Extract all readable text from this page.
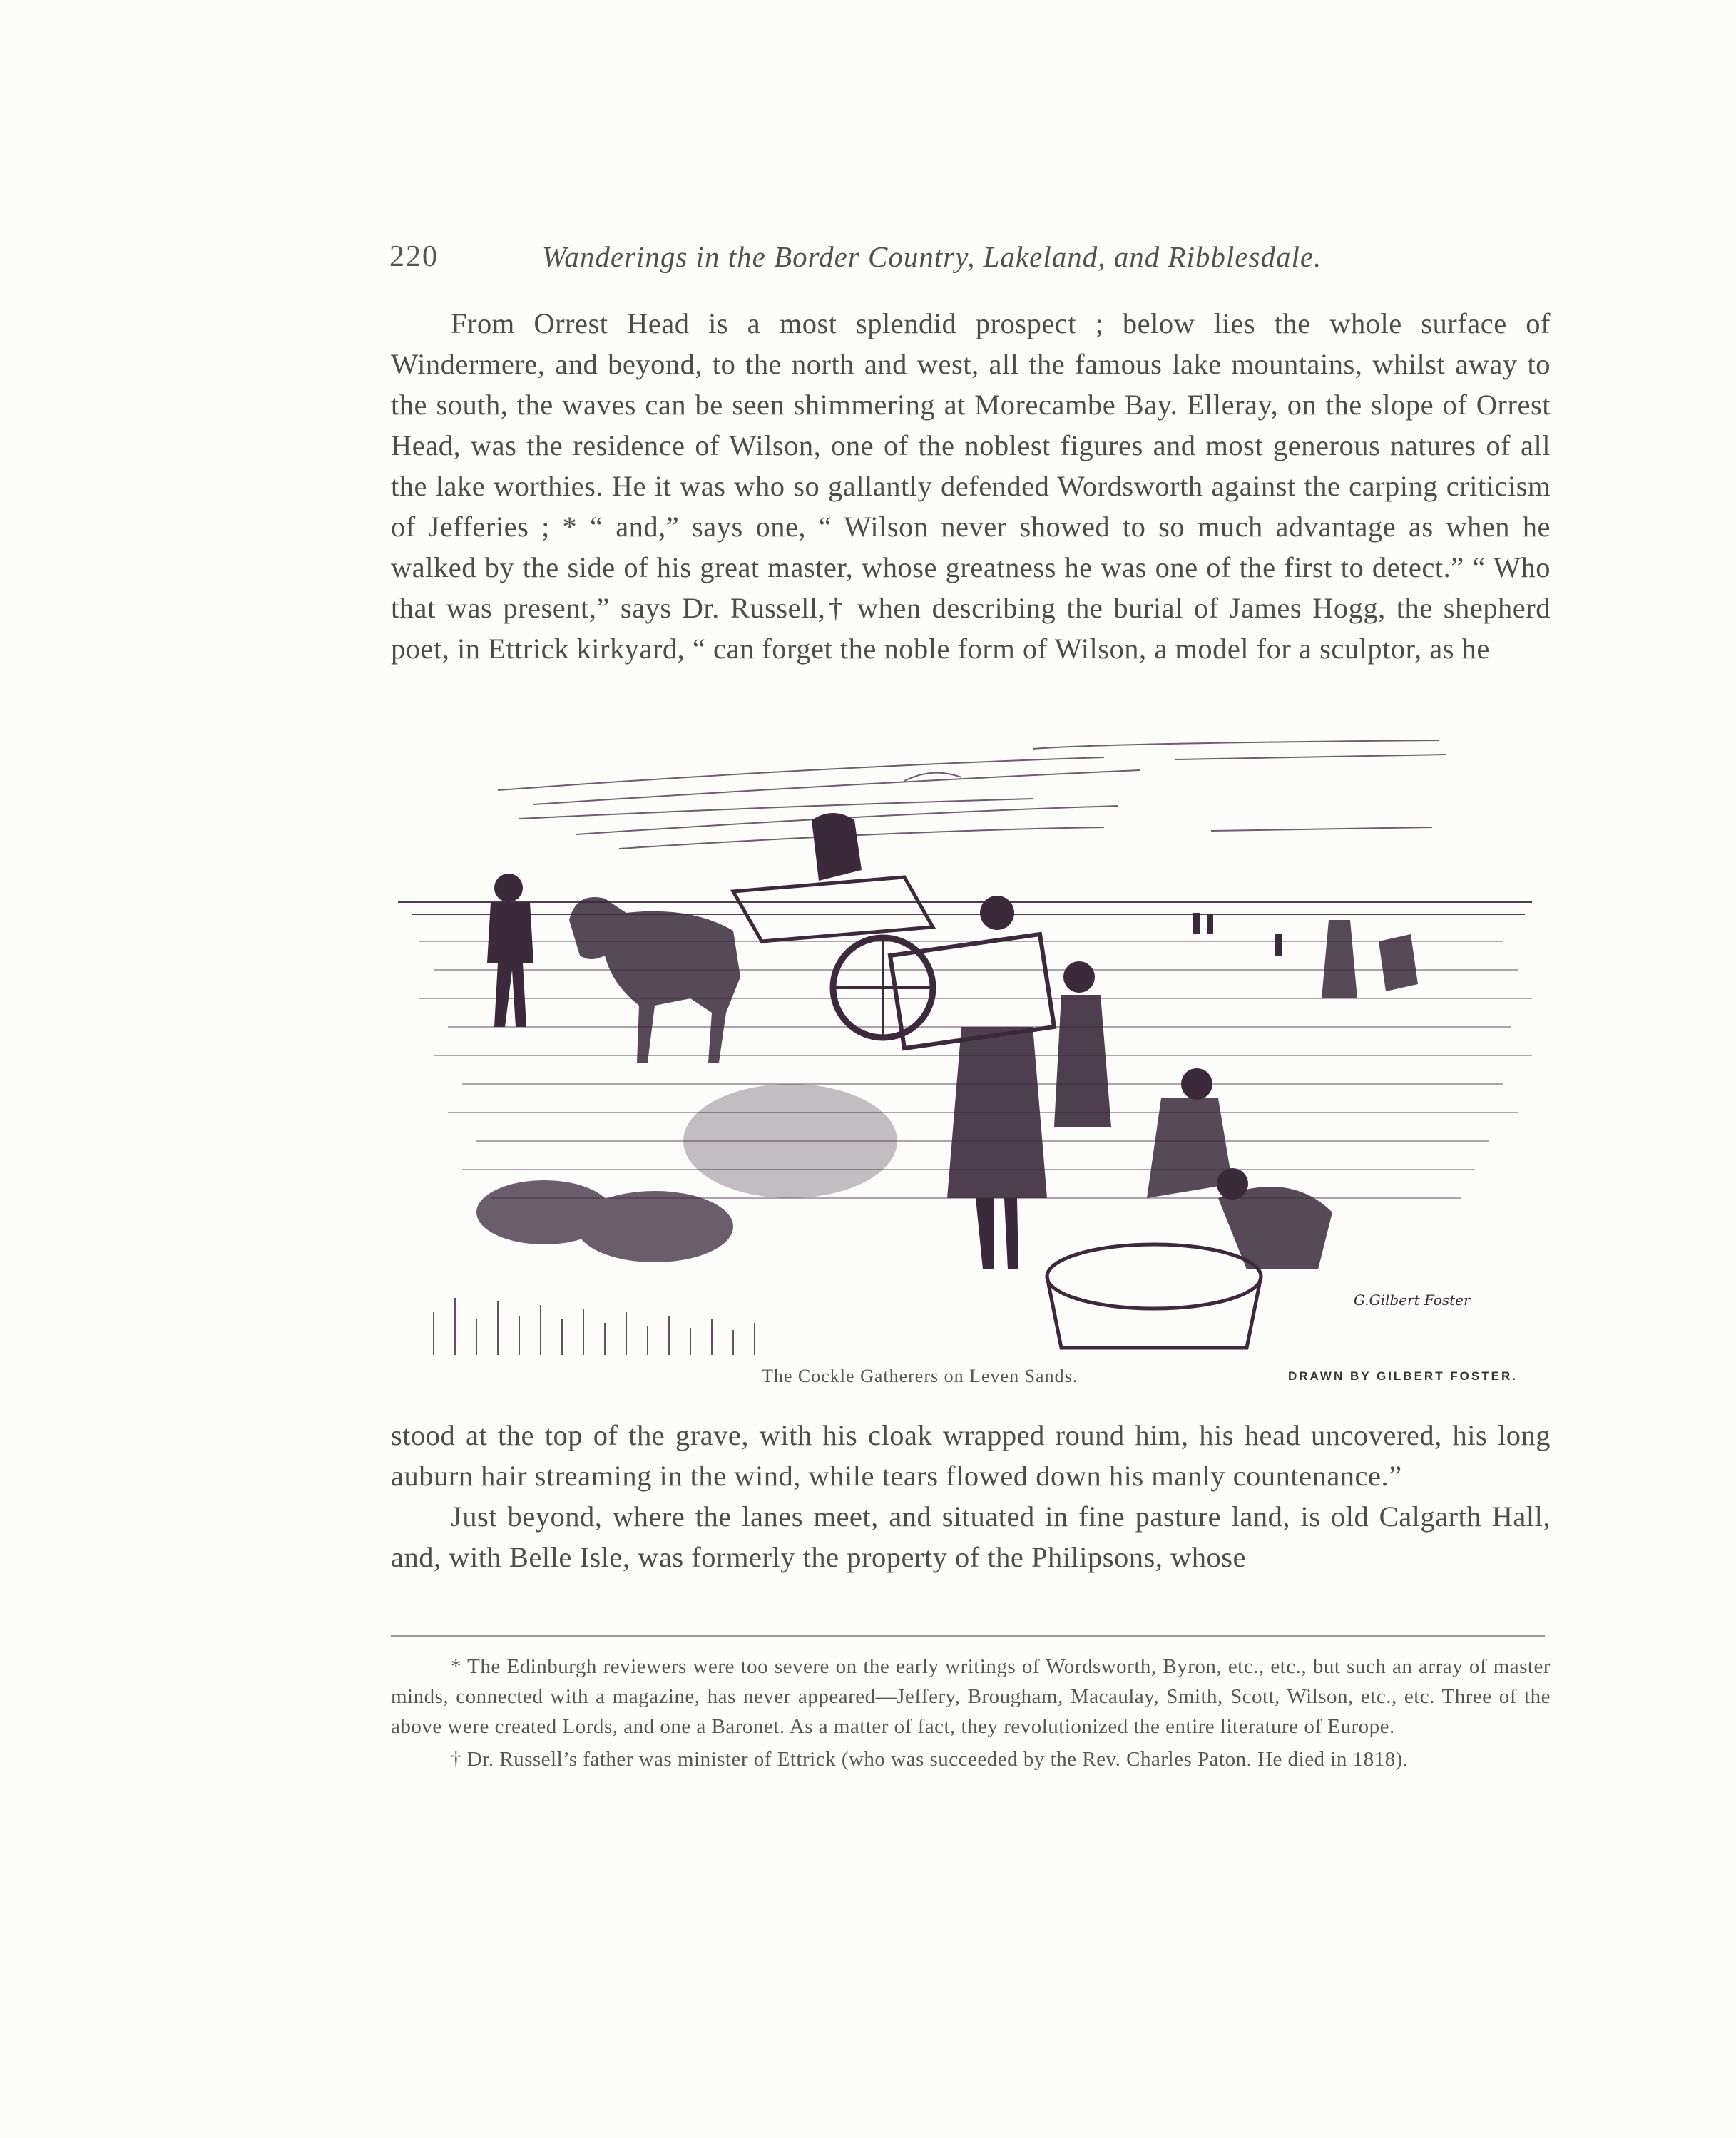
220	Wanderings in the Border Country, Lakeland, and Ribblesdale.

From Orrest Head is a most splendid prospect ; below lies the whole surface of Windermere, and beyond, to the north and west, all the famous lake mountains, whilst away to the south, the waves can be seen shimmering at Morecambe Bay. Elleray, on the slope of Orrest Head, was the residence of Wilson, one of the noblest figures and most generous natures of all the lake worthies. He it was who so gallantly defended Wordsworth against the carping criticism of Jefferies ; * “ and,” says one, “ Wilson never showed to so much advantage as when he walked by the side of his great master, whose greatness he was one of the first to detect.” “ Who that was present,” says Dr. Russell,† when describing the burial of James Hogg, the shepherd poet, in Ettrick kirkyard, “ can forget the noble form of Wilson, a model for a sculptor, as he

G.Gilbert Foster
The Cockle Gatherers on Leven Sands.	DRAWN BY GILBERT FOSTER.

stood at the top of the grave, with his cloak wrapped round him, his head uncovered, his long auburn hair streaming in the wind, while tears flowed down his manly countenance.”

Just beyond, where the lanes meet, and situated in fine pasture land, is old Calgarth Hall, and, with Belle Isle, was formerly the property of the Philipsons, whose

* The Edinburgh reviewers were too severe on the early writings of Wordsworth, Byron, etc., etc., but such an array of master minds, connected with a magazine, has never appeared—Jeffery, Brougham, Macaulay, Smith, Scott, Wilson, etc., etc. Three of the above were created Lords, and one a Baronet. As a matter of fact, they revolutionized the entire literature of Europe.

† Dr. Russell’s father was minister of Ettrick (who was succeeded by the Rev. Charles Paton. He died in 1818).
